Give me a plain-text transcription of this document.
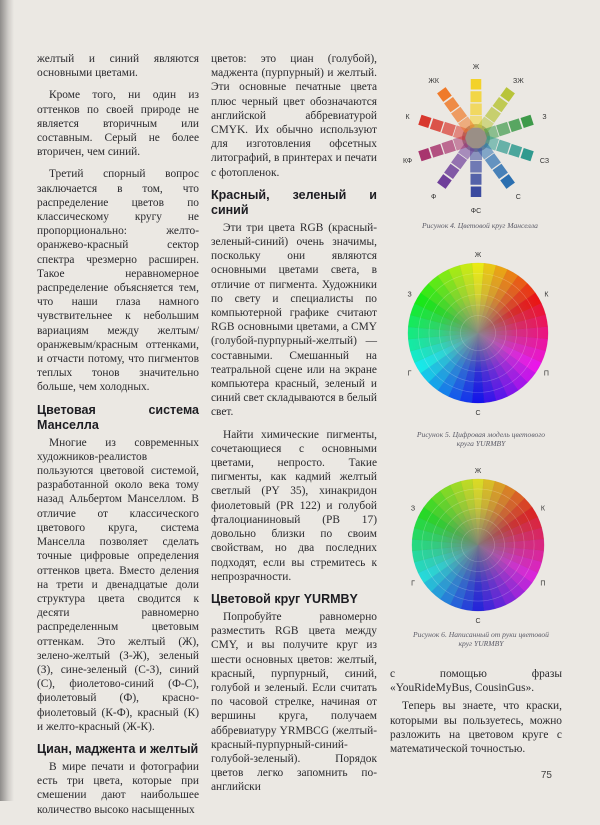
желтый и синий являются основными цветами.

Кроме того, ни один из оттенков по своей природе не является вторичным или составным. Серый не более вторичен, чем синий.

Третий спорный вопрос заключается в том, что распределение цветов по классическому кругу не пропорционально: желто-оранжево-красный сектор спектра чрезмерно расширен. Такое неравномерное распределение объясняется тем, что наши глаза намного чувствительнее к небольшим вариациям между желтым/оранжевым/красным оттенками, и отчасти потому, что пигментов теплых тонов значительно больше, чем холодных.

Цветовая система Манселла

Многие из современных художников-реалистов пользуются цветовой системой, разработанной около века тому назад Альбертом Манселлом. В отличие от классического цветового круга, система Манселла позволяет сделать точные цифровые определения оттенков цвета. Вместо деления на трети и двенадцатые доли структура цвета сводится к десяти равномерно распределенным цветовым оттенкам. Это желтый (Ж), зелено-желтый (З-Ж), зеленый (З), сине-зеленый (С-З), синий (С), фиолетово-синий (Ф-С), фиолетовый (Ф), красно-фиолетовый (К-Ф), красный (К) и желто-красный (Ж-К).

Циан, маджента и желтый

В мире печати и фотографии есть три цвета, которые при смешении дают наибольшее количество высоко насыщенных

цветов: это циан (голубой), маджента (пурпурный) и желтый. Эти основные печатные цвета плюс черный цвет обозначаются английской аббревиатурой CMYK. Их обычно используют для изготовления офсетных литографий, в принтерах и печати с фотопленок.

Красный, зеленый и синий

Эти три цвета RGB (красный-зеленый-синий) очень значимы, поскольку они являются основными цветами света, в отличие от пигмента. Художники по свету и специалисты по компьютерной графике считают RGB основными цветами, а CMY (голубой-пурпурный-желтый) — составными. Смешанный на театральной сцене или на экране компьютера красный, зеленый и синий свет складываются в белый свет.

Найти химические пигменты, сочетающиеся с основными цветами, непросто. Такие пигменты, как кадмий желтый светлый (PY 35), хинакридон фиолетовый (PR 122) и голубой фталоцианиновый (PB 17) довольно близки по своим свойствам, но два последних подходят, если вы стремитесь к непрозрачности.

Цветовой круг YURMBY

Попробуйте равномерно разместить RGB цвета между CMY, и вы получите круг из шести основных цветов: желтый, красный, пурпурный, синий, голубой и зеленый. Если считать по часовой стрелке, начиная от вершины круга, получаем аббревиатуру YRMBCG (желтый-красный-пурпурный-синий-голубой-зеленый). Порядок цветов легко запомнить по-английски

с помощью фразы «YouRideMyBus, CousinGus».

Теперь вы знаете, что краски, которыми вы пользуетесь, можно разложить на цветовом круге с математической точностью.

Ж
ЗЖ
З
СЗ
С
ФС
Ф
КФ
К
ЖК
Рисунок 4. Цветовой круг Манселла
Ж
К
П
С
Г
З
Рисунок 5. Цифровая модель цветового
круга YURMBY
Ж
К
П
С
Г
З
Рисунок 6. Написанный от руки цветовой
круг YURMBY
75
